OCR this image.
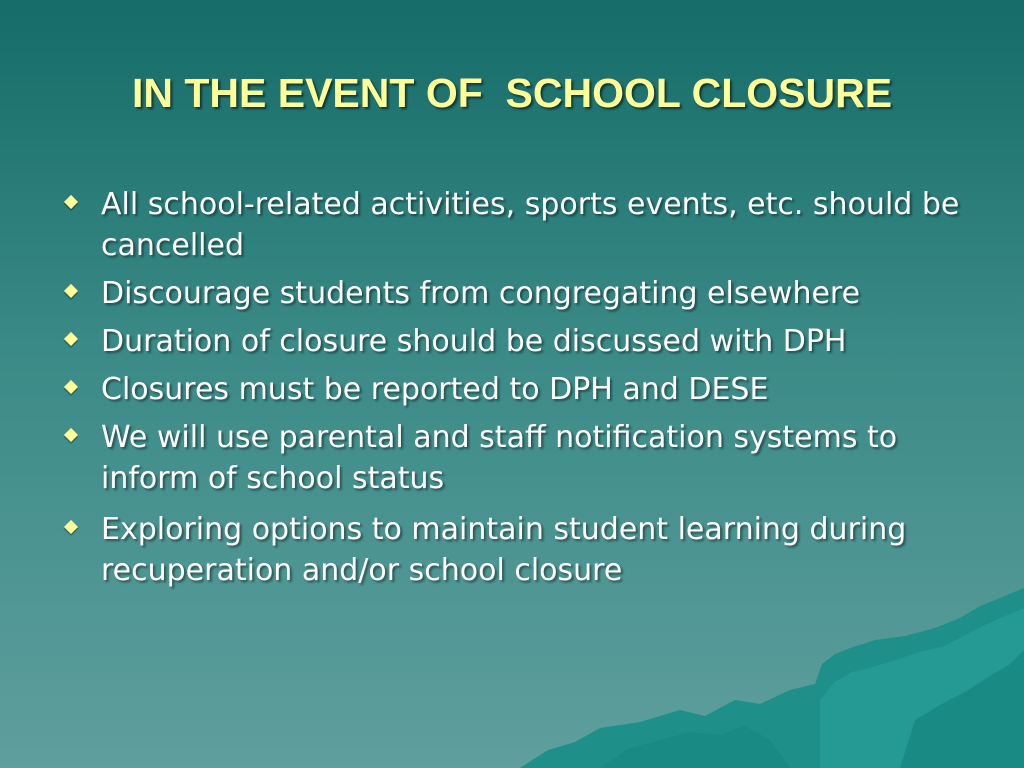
IN THE EVENT OF  SCHOOL CLOSURE
All school-related activities, sports events, etc. should be cancelled
Discourage students from congregating elsewhere
Duration of closure should be discussed with DPH
Closures must be reported to DPH and DESE
We will use parental and staff notification systems to inform of school status
Exploring options to maintain student learning during recuperation and/or school closure
